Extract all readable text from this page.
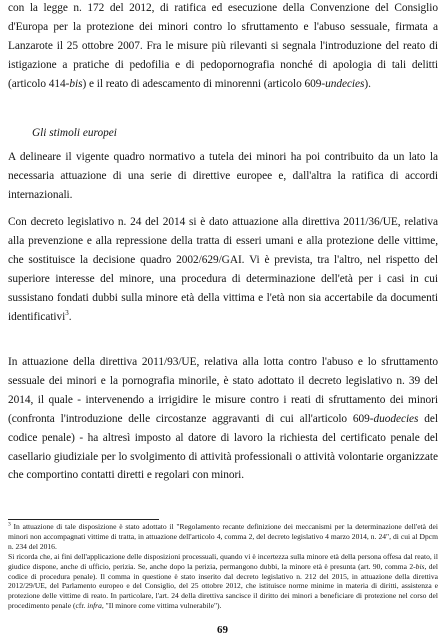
con la legge n. 172 del 2012, di ratifica ed esecuzione della Convenzione del Consiglio d'Europa per la protezione dei minori contro lo sfruttamento e l'abuso sessuale, firmata a Lanzarote il 25 ottobre 2007. Fra le misure più rilevanti si segnala l'introduzione del reato di istigazione a pratiche di pedofilia e di pedopornografia nonché di apologia di tali delitti (articolo 414-bis) e il reato di adescamento di minorenni (articolo 609-undecies).

Gli stimoli europei

A delineare il vigente quadro normativo a tutela dei minori ha poi contribuito da un lato la necessaria attuazione di una serie di direttive europee e, dall'altra la ratifica di accordi internazionali.

Con decreto legislativo n. 24 del 2014 si è dato attuazione alla direttiva 2011/36/UE, relativa alla prevenzione e alla repressione della tratta di esseri umani e alla protezione delle vittime, che sostituisce la decisione quadro 2002/629/GAI. Vi è prevista, tra l'altro, nel rispetto del superiore interesse del minore, una procedura di determinazione dell'età per i casi in cui sussistano fondati dubbi sulla minore età della vittima e l'età non sia accertabile da documenti identificativi$^3$.

In attuazione della direttiva 2011/93/UE, relativa alla lotta contro l'abuso e lo sfruttamento sessuale dei minori e la pornografia minorile, è stato adottato il decreto legislativo n. 39 del 2014, il quale - intervenendo a irrigidire le misure contro i reati di sfruttamento dei minori (confronta l'introduzione delle circostanze aggravanti di cui all'articolo 609-duodecies del codice penale) - ha altresì imposto al datore di lavoro la richiesta del certificato penale del casellario giudiziale per lo svolgimento di attività professionali o attività volontarie organizzate che comportino contatti diretti e regolari con minori.

$^3$ In attuazione di tale disposizione è stato adottato il "Regolamento recante definizione dei meccanismi per la determinazione dell'età dei minori non accompagnati vittime di tratta, in attuazione dell'articolo 4, comma 2, del decreto legislativo 4 marzo 2014, n. 24", di cui al Dpcm n. 234 del 2016.
Si ricorda che, ai fini dell'applicazione delle disposizioni processuali, quando vi è incertezza sulla minore età della persona offesa dal reato, il giudice dispone, anche di ufficio, perizia. Se, anche dopo la perizia, permangono dubbi, la minore età è presunta (art. 90, comma 2-bis, del codice di procedura penale). Il comma in questione è stato inserito dal decreto legislativo n. 212 del 2015, in attuazione della direttiva 2012/29/UE, del Parlamento europeo e del Consiglio, del 25 ottobre 2012, che istituisce norme minime in materia di diritti, assistenza e protezione delle vittime di reato. In particolare, l'art. 24 della direttiva sancisce il diritto dei minori a beneficiare di protezione nel corso del procedimento penale (cfr. infra, "Il minore come vittima vulnerabile").

69
